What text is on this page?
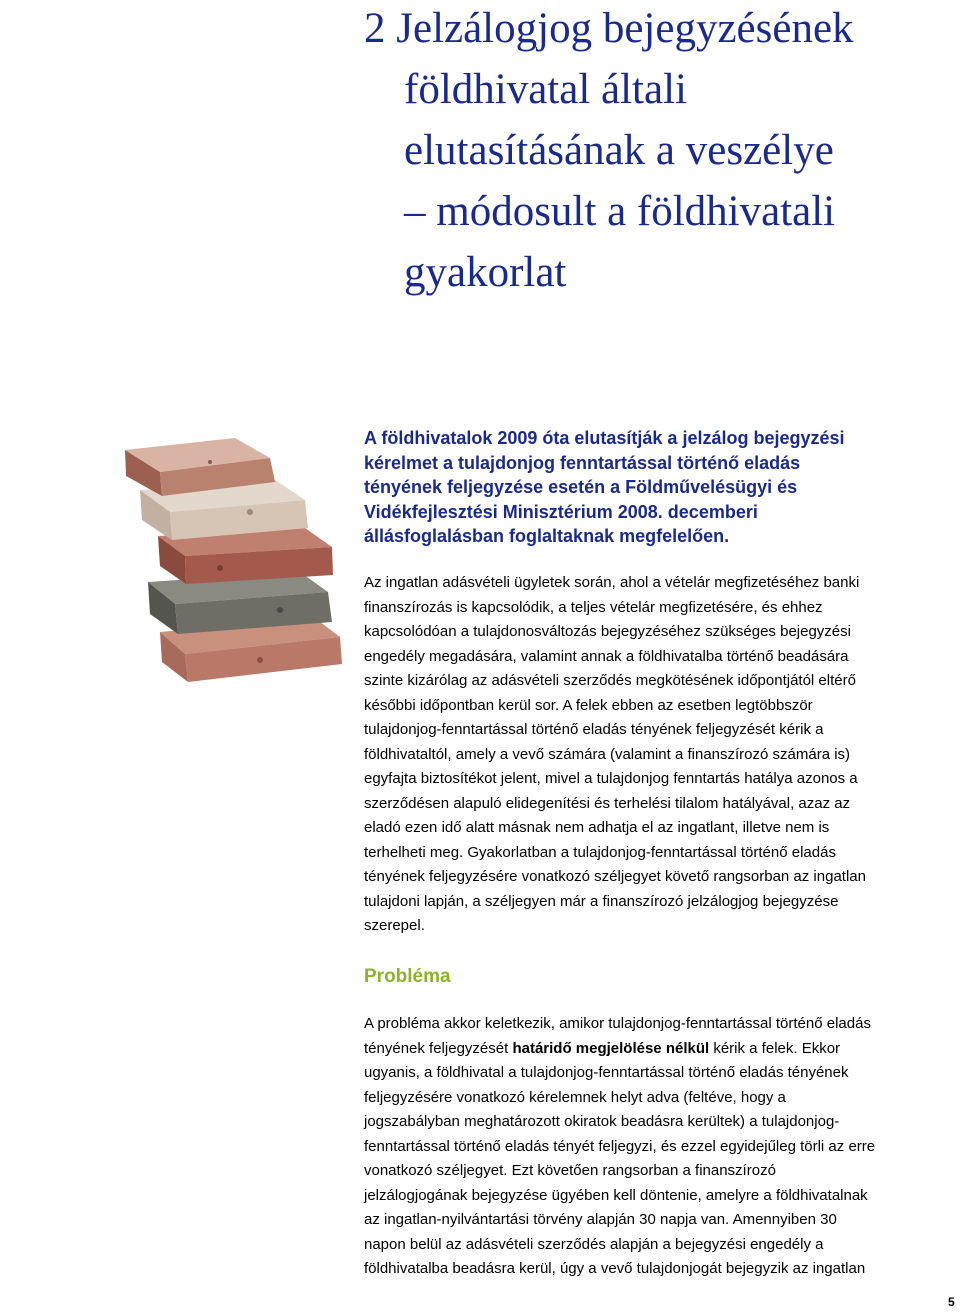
2 Jelzálogjog bejegyzésének
földhivatal általi
elutasításának a veszélye
– módosult a földhivatali
gyakorlat

A földhivatalok 2009 óta elutasítják a jelzálog bejegyzési
kérelmet a tulajdonjog fenntartással történő eladás
tényének feljegyzése esetén a Földművelésügyi és
Vidékfejlesztési Minisztérium 2008. decemberi
állásfoglalásban foglaltaknak megfelelően.

Az ingatlan adásvételi ügyletek során, ahol a vételár megfizetéséhez banki
finanszírozás is kapcsolódik, a teljes vételár megfizetésére, és ehhez
kapcsolódóan a tulajdonosváltozás bejegyzéséhez szükséges bejegyzési
engedély megadására, valamint annak a földhivatalba történő beadására
szinte kizárólag az adásvételi szerződés megkötésének időpontjától eltérő
későbbi időpontban kerül sor. A felek ebben az esetben legtöbbször
tulajdonjog-fenntartással történő eladás tényének feljegyzését kérik a
földhivataltól, amely a vevő számára (valamint a finanszírozó számára is)
egyfajta biztosítékot jelent, mivel a tulajdonjog fenntartás hatálya azonos a
szerződésen alapuló elidegenítési és terhelési tilalom hatályával, azaz az
eladó ezen idő alatt másnak nem adhatja el az ingatlant, illetve nem is
terhelheti meg. Gyakorlatban a tulajdonjog-fenntartással történő eladás
tényének feljegyzésére vonatkozó széljegyet követő rangsorban az ingatlan
tulajdoni lapján, a széljegyen már a finanszírozó jelzálogjog bejegyzése
szerepel.

Probléma

A probléma akkor keletkezik, amikor tulajdonjog-fenntartással történő eladás
tényének feljegyzését határidő megjelölése nélkül kérik a felek. Ekkor
ugyanis, a földhivatal a tulajdonjog-fenntartással történő eladás tényének
feljegyzésére vonatkozó kérelemnek helyt adva (feltéve, hogy a
jogszabályban meghatározott okiratok beadásra kerültek) a tulajdonjog-
fenntartással történő eladás tényét feljegyzi, és ezzel egyidejűleg törli az erre
vonatkozó széljegyet. Ezt követően rangsorban a finanszírozó
jelzálogjogának bejegyzése ügyében kell döntenie, amelyre a földhivatalnak
az ingatlan-nyilvántartási törvény alapján 30 napja van. Amennyiben 30
napon belül az adásvételi szerződés alapján a bejegyzési engedély a
földhivatalba beadásra kerül, úgy a vevő tulajdonjogát bejegyzik az ingatlan

5
